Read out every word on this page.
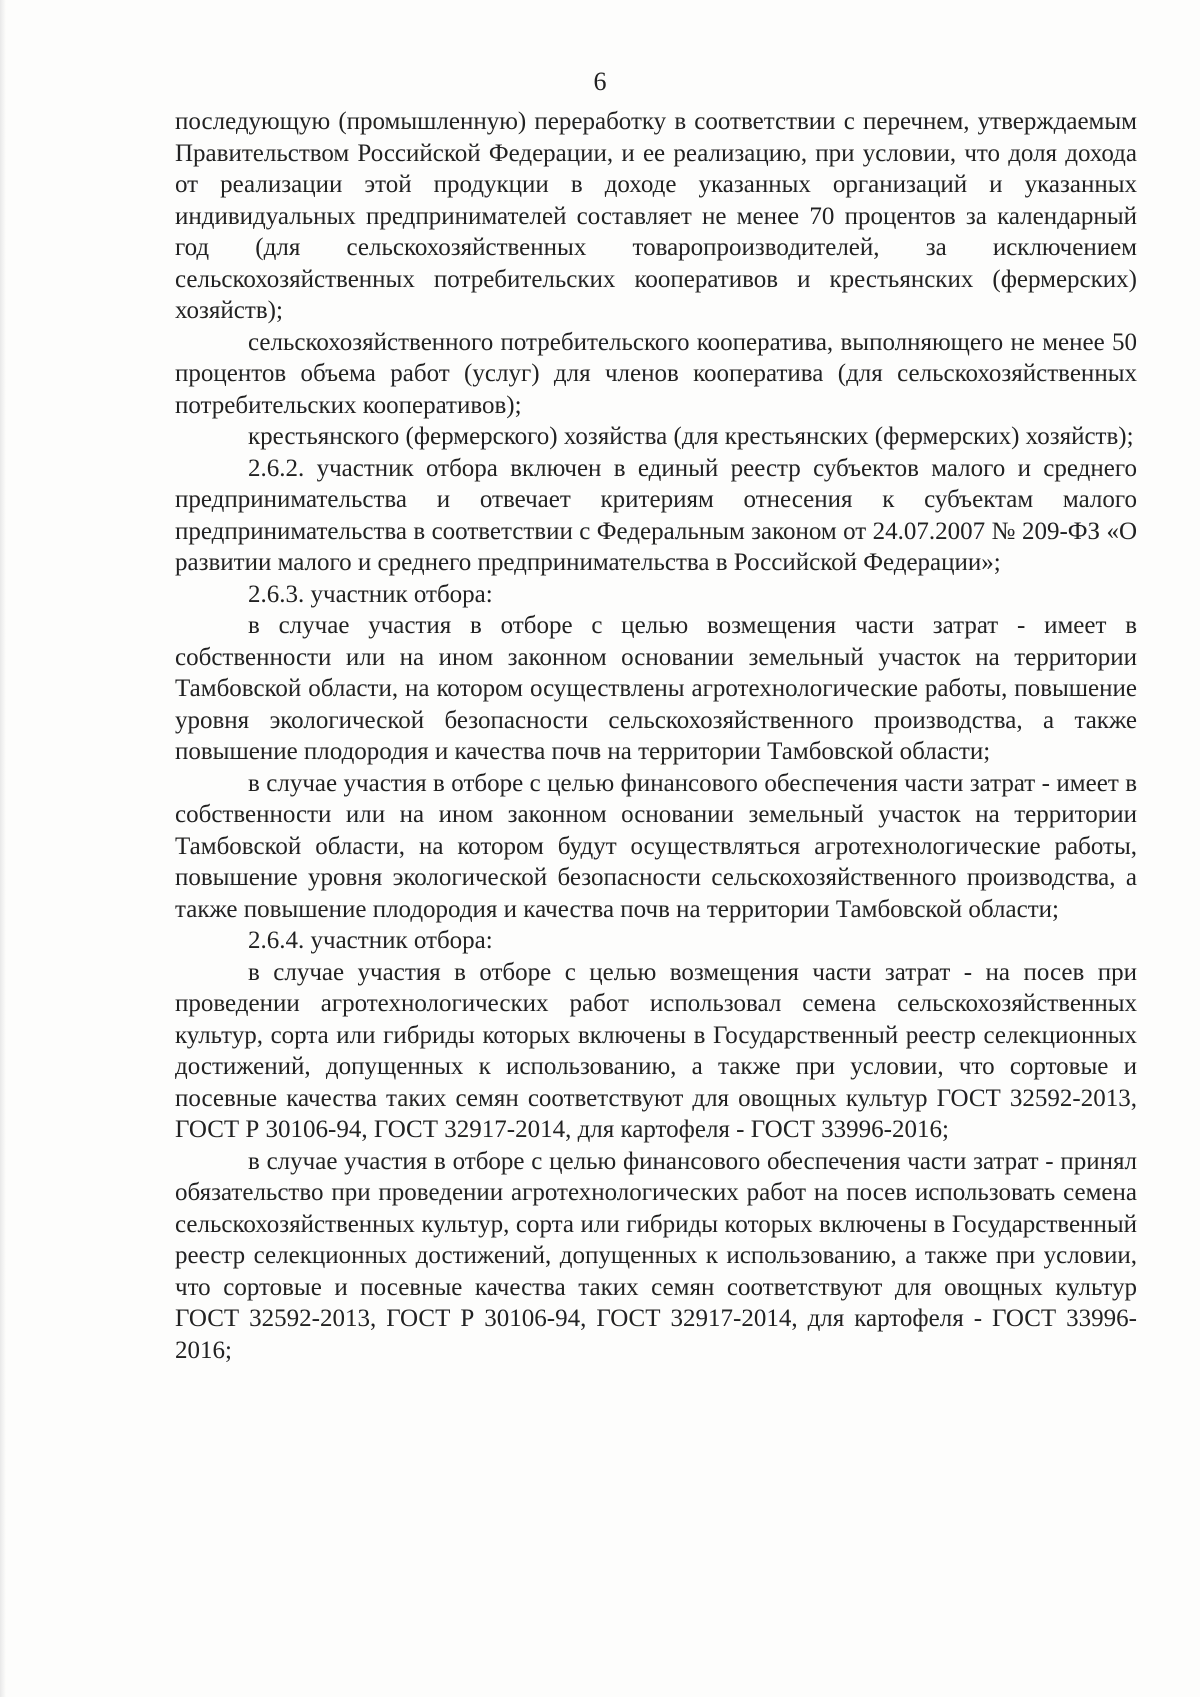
6

последующую (промышленную) переработку в соответствии с перечнем, утверждаемым Правительством Российской Федерации, и ее реализацию, при условии, что доля дохода от реализации этой продукции в доходе указанных организаций и указанных индивидуальных предпринимателей составляет не менее 70 процентов за календарный год (для сельскохозяйственных товаропроизводителей, за исключением сельскохозяйственных потребительских кооперативов и крестьянских (фермерских) хозяйств);

сельскохозяйственного потребительского кооператива, выполняющего не менее 50 процентов объема работ (услуг) для членов кооператива (для сельскохозяйственных потребительских кооперативов);

крестьянского (фермерского) хозяйства (для крестьянских (фермерских) хозяйств);

2.6.2. участник отбора включен в единый реестр субъектов малого и среднего предпринимательства и отвечает критериям отнесения к субъектам малого предпринимательства в соответствии с Федеральным законом от 24.07.2007 № 209-ФЗ «О развитии малого и среднего предпринимательства в Российской Федерации»;

2.6.3. участник отбора:

в случае участия в отборе с целью возмещения части затрат - имеет в собственности или на ином законном основании земельный участок на территории Тамбовской области, на котором осуществлены агротехнологические работы, повышение уровня экологической безопасности сельскохозяйственного производства, а также повышение плодородия и качества почв на территории Тамбовской области;

в случае участия в отборе с целью финансового обеспечения части затрат - имеет в собственности или на ином законном основании земельный участок на территории Тамбовской области, на котором будут осуществляться агротехнологические работы, повышение уровня экологической безопасности сельскохозяйственного производства, а также повышение плодородия и качества почв на территории Тамбовской области;

2.6.4. участник отбора:

в случае участия в отборе с целью возмещения части затрат - на посев при проведении агротехнологических работ использовал семена сельскохозяйственных культур, сорта или гибриды которых включены в Государственный реестр селекционных достижений, допущенных к использованию, а также при условии, что сортовые и посевные качества таких семян соответствуют для овощных культур ГОСТ 32592-2013, ГОСТ Р 30106-94, ГОСТ 32917-2014, для картофеля - ГОСТ 33996-2016;

в случае участия в отборе с целью финансового обеспечения части затрат - принял обязательство при проведении агротехнологических работ на посев использовать семена сельскохозяйственных культур, сорта или гибриды которых включены в Государственный реестр селекционных достижений, допущенных к использованию, а также при условии, что сортовые и посевные качества таких семян соответствуют для овощных культур ГОСТ 32592-2013, ГОСТ Р 30106-94, ГОСТ 32917-2014, для картофеля - ГОСТ 33996-2016;
